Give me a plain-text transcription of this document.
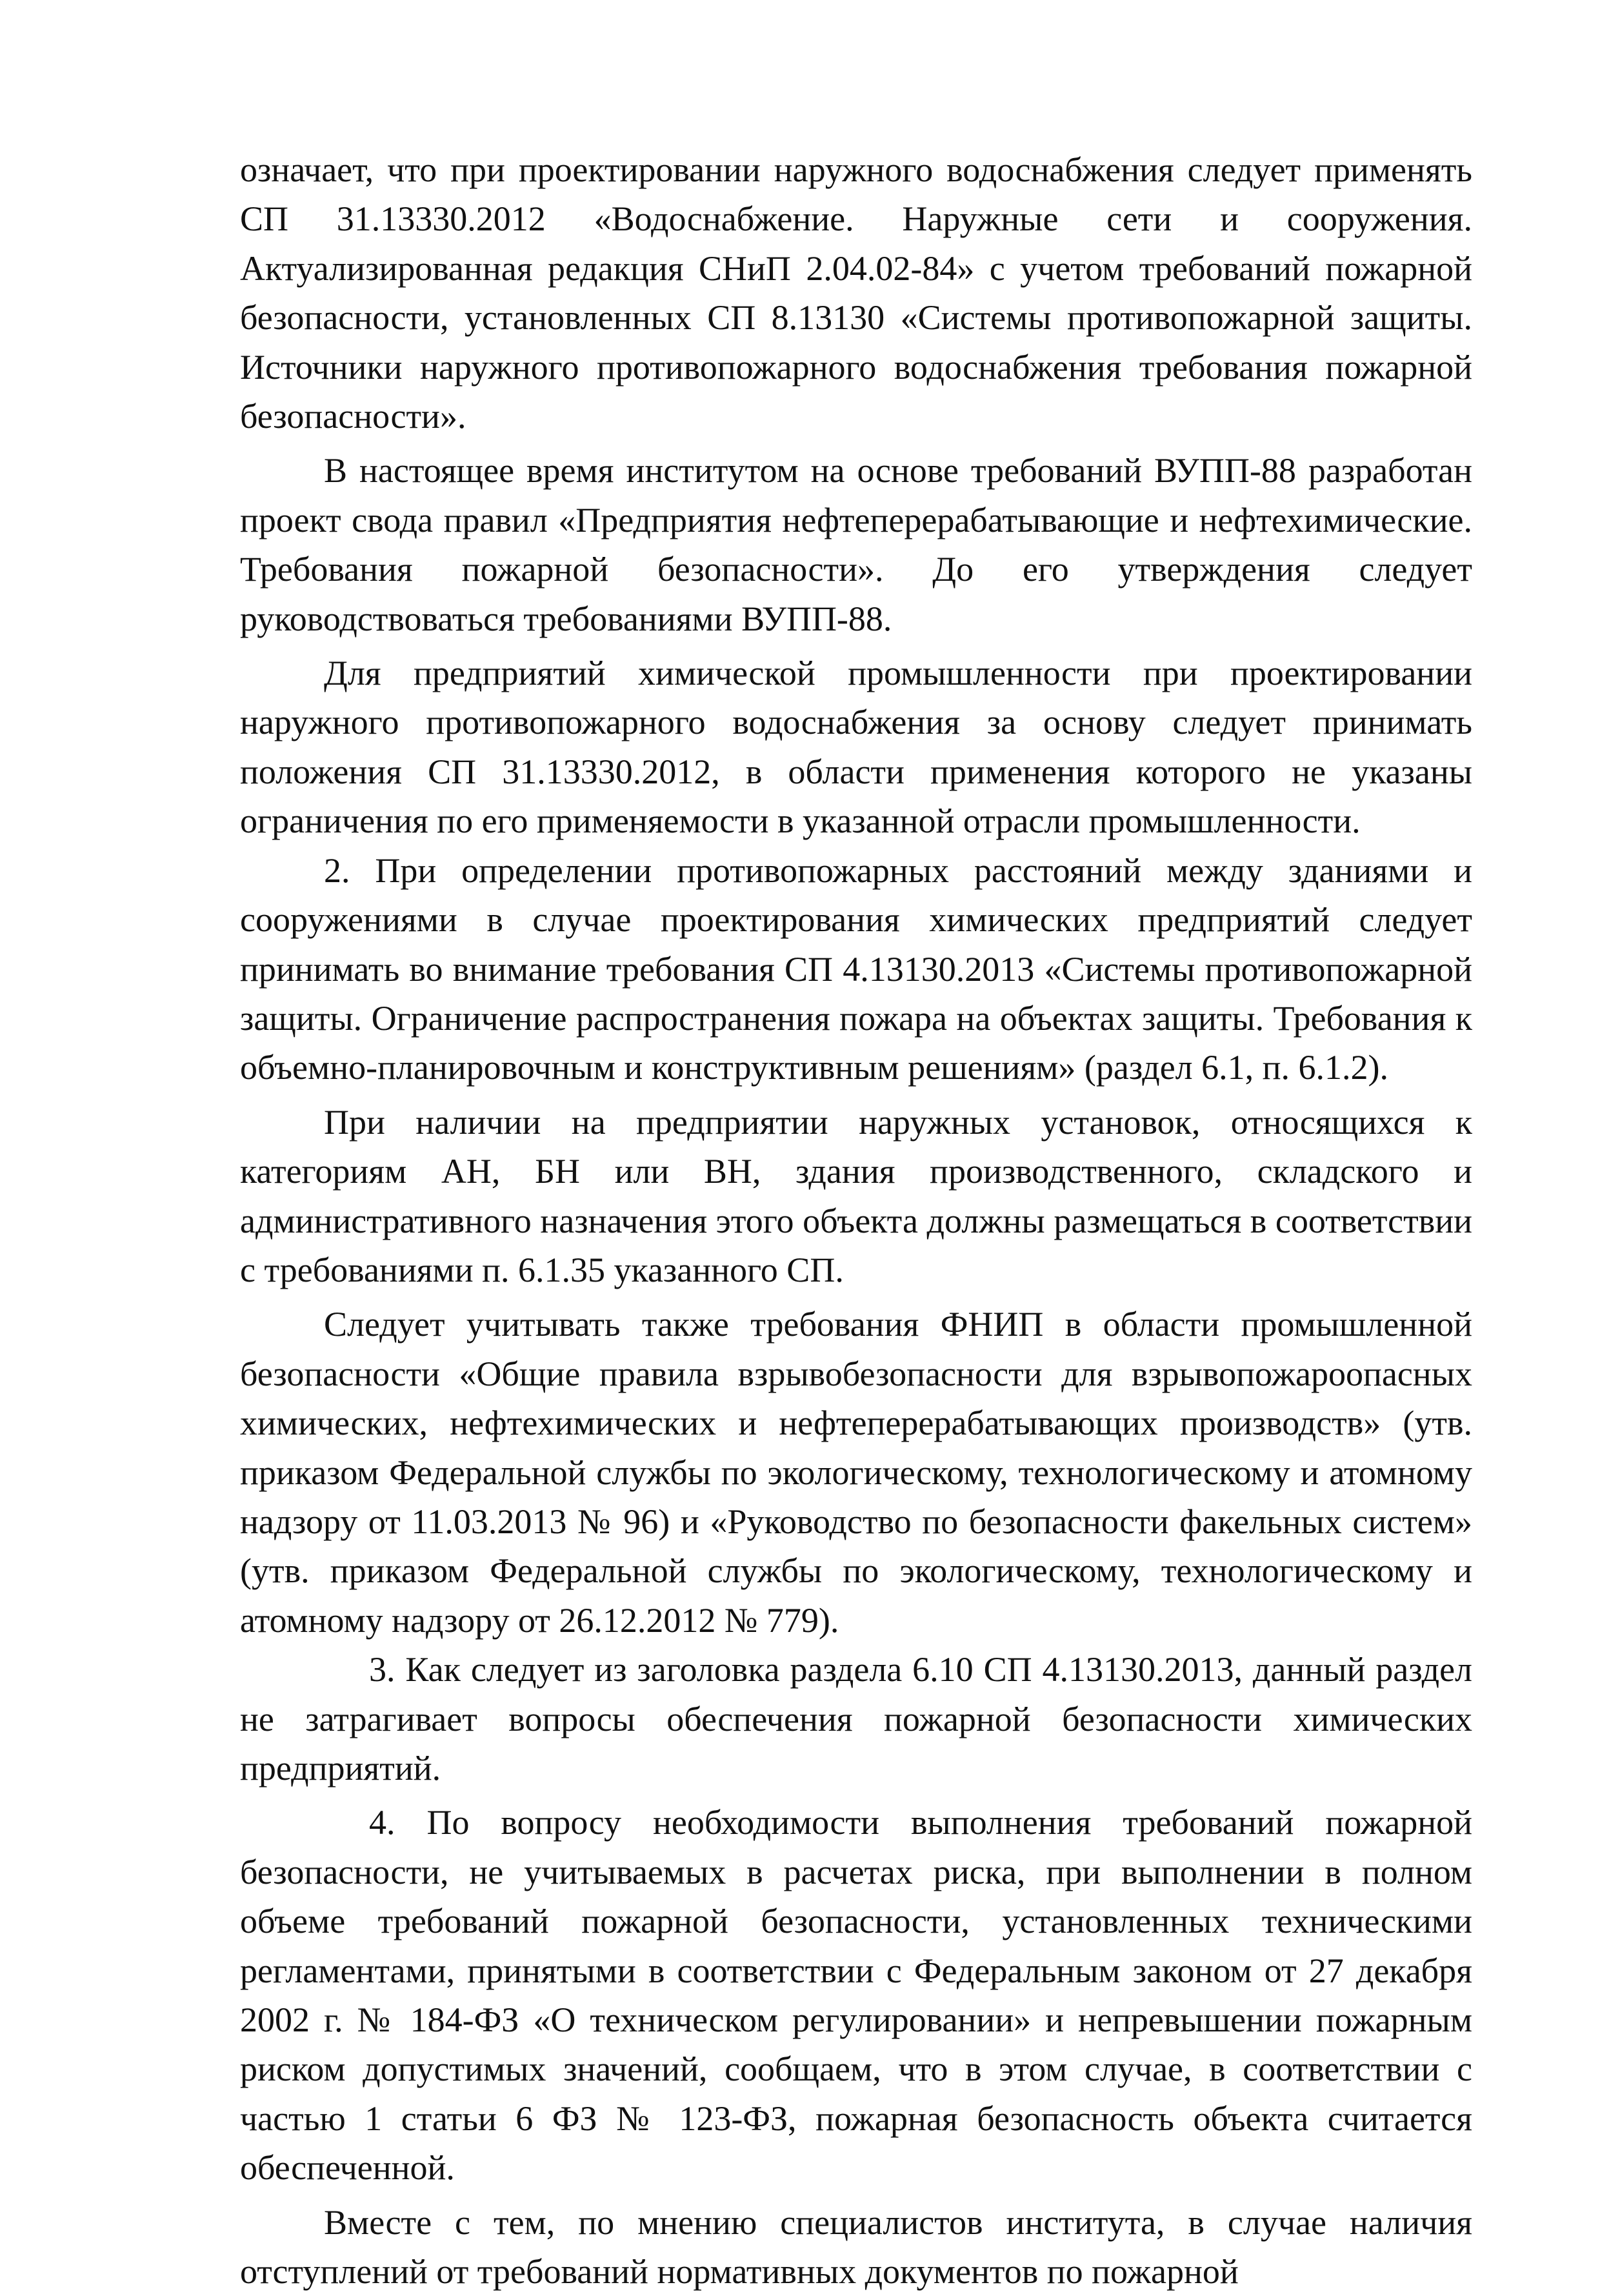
означает, что при проектировании наружного водоснабжения следует применять СП 31.13330.2012 «Водоснабжение. Наружные сети и сооружения. Актуализированная редакция СНиП 2.04.02-84» с учетом требований пожарной безопасности, установленных СП 8.13130 «Системы противопожарной защиты. Источники наружного противопожарного водоснабжения требования пожарной безопасности».

В настоящее время институтом на основе требований ВУПП-88 разработан проект свода правил «Предприятия нефтеперерабатывающие и нефтехимические. Требования пожарной безопасности». До его утверждения следует руководствоваться требованиями ВУПП-88.

Для предприятий химической промышленности при проектировании наружного противопожарного водоснабжения за основу следует принимать положения СП 31.13330.2012, в области применения которого не указаны ограничения по его применяемости в указанной отрасли промышленности.

2. При определении противопожарных расстояний между зданиями и сооружениями в случае проектирования химических предприятий следует принимать во внимание требования СП 4.13130.2013 «Системы противопожарной защиты. Ограничение распространения пожара на объектах защиты. Требования к объемно-планировочным и конструктивным решениям» (раздел 6.1, п. 6.1.2).

При наличии на предприятии наружных установок, относящихся к категориям АН, БН или ВН, здания производственного, складского и административного назначения этого объекта должны размещаться в соответствии с требованиями п. 6.1.35 указанного СП.

Следует учитывать также требования ФНИП в области промышленной безопасности «Общие правила взрывобезопасности для взрывопожароопасных химических, нефтехимических и нефтеперерабатывающих производств» (утв. приказом Федеральной службы по экологическому, технологическому и атомному надзору от 11.03.2013 № 96) и «Руководство по безопасности факельных систем» (утв. приказом Федеральной службы по экологическому, технологическому и атомному надзору от 26.12.2012 № 779).

3. Как следует из заголовка раздела 6.10 СП 4.13130.2013, данный раздел не затрагивает вопросы обеспечения пожарной безопасности химических предприятий.

4. По вопросу необходимости выполнения требований пожарной безопасности, не учитываемых в расчетах риска, при выполнении в полном объеме требований пожарной безопасности, установленных техническими регламентами, принятыми в соответствии с Федеральным законом от 27 декабря 2002 г. № 184-ФЗ «О техническом регулировании» и непревышении пожарным риском допустимых значений, сообщаем, что в этом случае, в соответствии с частью 1 статьи 6 ФЗ № 123-ФЗ, пожарная безопасность объекта считается обеспеченной.

Вместе с тем, по мнению специалистов института, в случае наличия отступлений от требований нормативных документов по пожарной
